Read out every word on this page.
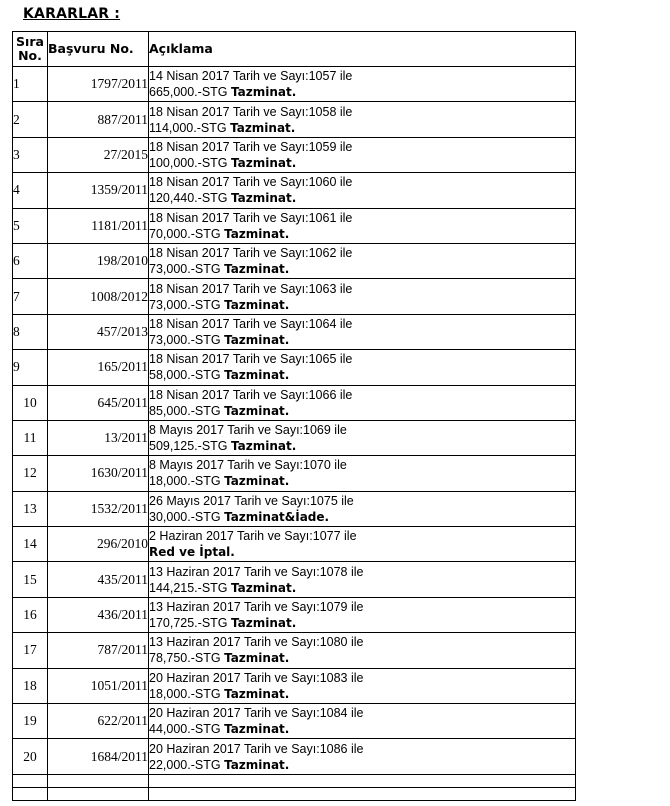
KARARLAR :
Sıra No.	Başvuru No.	Açıklama
1	1797/2011	14 Nisan 2017 Tarih ve Sayı:1057 ile
665,000.-STG Tazminat.

2	887/2011	18 Nisan 2017 Tarih ve Sayı:1058 ile
114,000.-STG Tazminat.

3	27/2015	18 Nisan 2017 Tarih ve Sayı:1059 ile
100,000.-STG Tazminat.

4	1359/2011	18 Nisan 2017 Tarih ve Sayı:1060 ile
120,440.-STG Tazminat.

5	1181/2011	18 Nisan 2017 Tarih ve Sayı:1061 ile
70,000.-STG Tazminat.

6	198/2010	18 Nisan 2017 Tarih ve Sayı:1062 ile
73,000.-STG Tazminat.

7	1008/2012	18 Nisan 2017 Tarih ve Sayı:1063 ile
73,000.-STG Tazminat.

8	457/2013	18 Nisan 2017 Tarih ve Sayı:1064 ile
73,000.-STG Tazminat.

9	165/2011	18 Nisan 2017 Tarih ve Sayı:1065 ile
58,000.-STG Tazminat.

10	645/2011	18 Nisan 2017 Tarih ve Sayı:1066 ile
85,000.-STG Tazminat.

11	13/2011	8 Mayıs 2017 Tarih ve Sayı:1069 ile
509,125.-STG Tazminat.

12	1630/2011	8 Mayıs 2017 Tarih ve Sayı:1070 ile
18,000.-STG Tazminat.

13	1532/2011	26 Mayıs 2017 Tarih ve Sayı:1075 ile
30,000.-STG Tazminat&İade.

14	296/2010	2 Haziran 2017 Tarih ve Sayı:1077 ile
Red ve İptal.

15	435/2011	13 Haziran 2017 Tarih ve Sayı:1078 ile
144,215.-STG Tazminat.

16	436/2011	13 Haziran 2017 Tarih ve Sayı:1079 ile
170,725.-STG Tazminat.

17	787/2011	13 Haziran 2017 Tarih ve Sayı:1080 ile
78,750.-STG Tazminat.

18	1051/2011	20 Haziran 2017 Tarih ve Sayı:1083 ile
18,000.-STG Tazminat.

19	622/2011	20 Haziran 2017 Tarih ve Sayı:1084 ile
44,000.-STG Tazminat.

20	1684/2011	20 Haziran 2017 Tarih ve Sayı:1086 ile
22,000.-STG Tazminat.
